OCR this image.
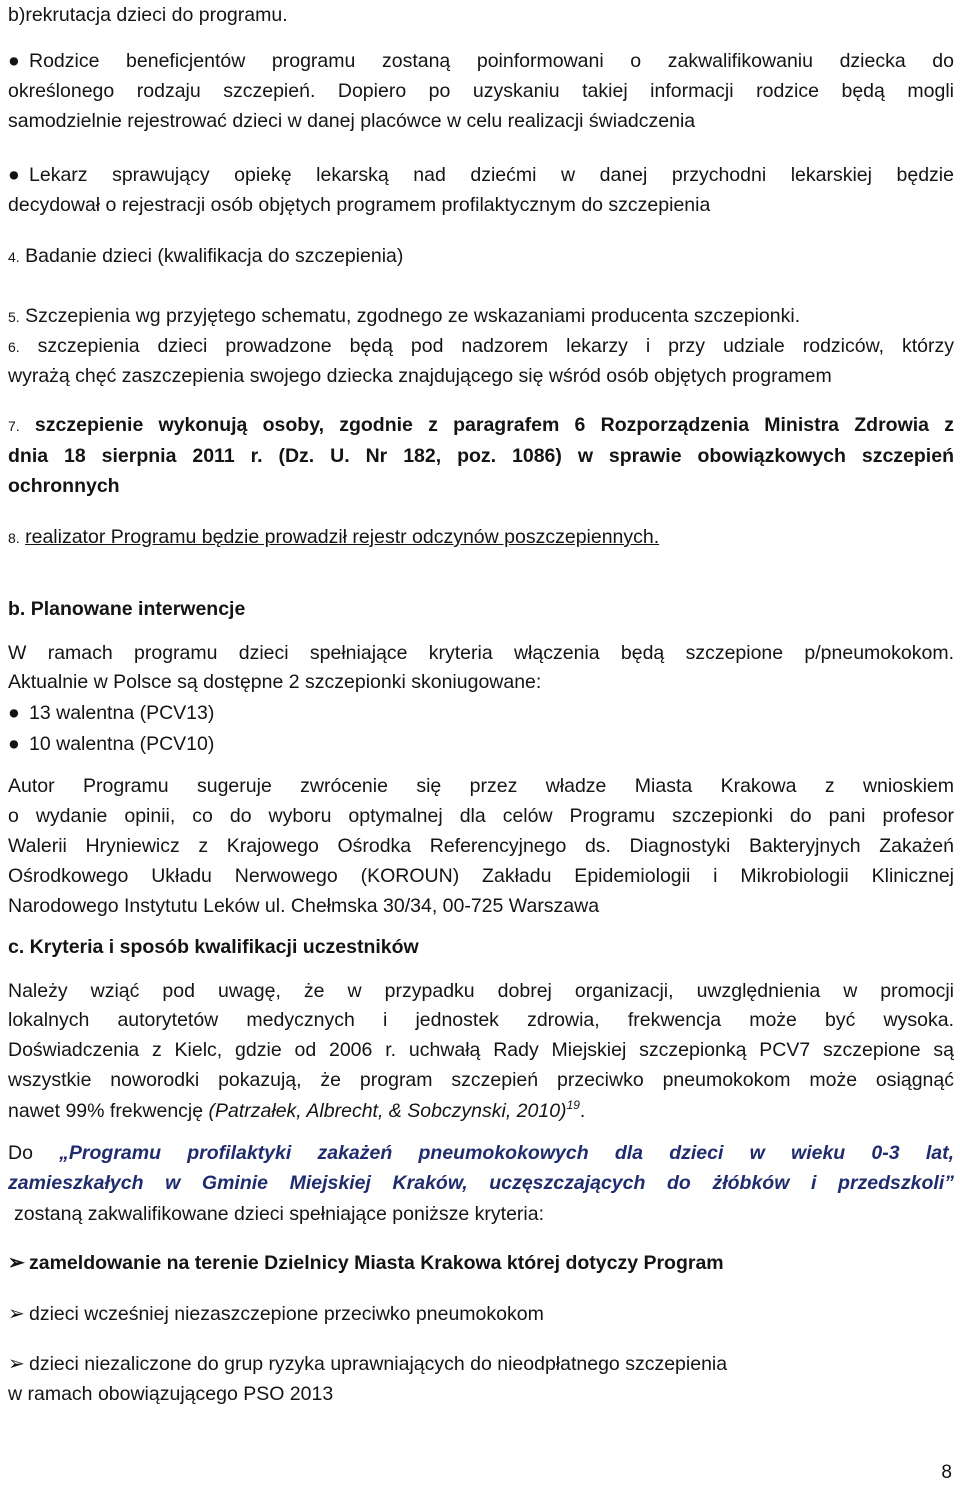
b)rekrutacja dzieci do programu.
● Rodzice beneficjentów programu zostaną poinformowani o zakwalifikowaniu dziecka do
określonego rodzaju szczepień. Dopiero po uzyskaniu takiej informacji rodzice będą mogli
samodzielnie rejestrować dzieci w danej placówce w celu realizacji świadczenia
● Lekarz sprawujący opiekę lekarską nad dziećmi w danej przychodni lekarskiej będzie
decydował o rejestracji osób objętych programem profilaktycznym do szczepienia
4. Badanie dzieci (kwalifikacja do szczepienia)
5. Szczepienia wg przyjętego schematu, zgodnego ze wskazaniami producenta szczepionki.
6. szczepienia dzieci prowadzone będą pod nadzorem lekarzy i przy udziale rodziców, którzy
wyrażą chęć zaszczepienia swojego dziecka znajdującego się wśród osób objętych programem
7. szczepienie wykonują osoby, zgodnie z paragrafem 6 Rozporządzenia Ministra Zdrowia z
dnia 18 sierpnia 2011 r. (Dz. U. Nr 182, poz. 1086) w sprawie obowiązkowych szczepień
ochronnych
8. realizator Programu będzie prowadził rejestr odczynów poszczepiennych.
b. Planowane interwencje
W ramach programu dzieci spełniające kryteria włączenia będą szczepione p/pneumokokom.
Aktualnie w Polsce są dostępne 2 szczepionki skoniugowane:
● 13 walentna (PCV13)
● 10 walentna (PCV10)
Autor Programu sugeruje zwrócenie się przez władze Miasta Krakowa z wnioskiem
o wydanie opinii, co do wyboru optymalnej dla celów Programu szczepionki do pani profesor
Walerii Hryniewicz z Krajowego Ośrodka Referencyjnego ds. Diagnostyki Bakteryjnych Zakażeń
Ośrodkowego Układu Nerwowego (KOROUN) Zakładu Epidemiologii i Mikrobiologii Klinicznej
Narodowego Instytutu Leków ul. Chełmska 30/34, 00-725 Warszawa
c. Kryteria i sposób kwalifikacji uczestników
Należy wziąć pod uwagę, że w przypadku dobrej organizacji, uwzględnienia w promocji
lokalnych autorytetów medycznych i jednostek zdrowia, frekwencja może być wysoka.
Doświadczenia z Kielc, gdzie od 2006 r. uchwałą Rady Miejskiej szczepionką PCV7 szczepione są
wszystkie noworodki pokazują, że program szczepień przeciwko pneumokokom może osiągnąć
nawet 99% frekwencję (Patrzałek, Albrecht, & Sobczynski, 2010)$^{19}$.
Do „Programu profilaktyki zakażeń pneumokokowych dla dzieci w wieku 0-3 lat,
zamieszkałych w Gminie Miejskiej Kraków, uczęszczających do żłóbków i przedszkoli”
zostaną zakwalifikowane dzieci spełniające poniższe kryteria:
➢ zameldowanie na terenie Dzielnicy Miasta Krakowa której dotyczy Program
➢ dzieci wcześniej niezaszczepione przeciwko pneumokokom
➢ dzieci niezaliczone do grup ryzyka uprawniających do nieodpłatnego szczepienia
w ramach obowiązującego PSO 2013
8
